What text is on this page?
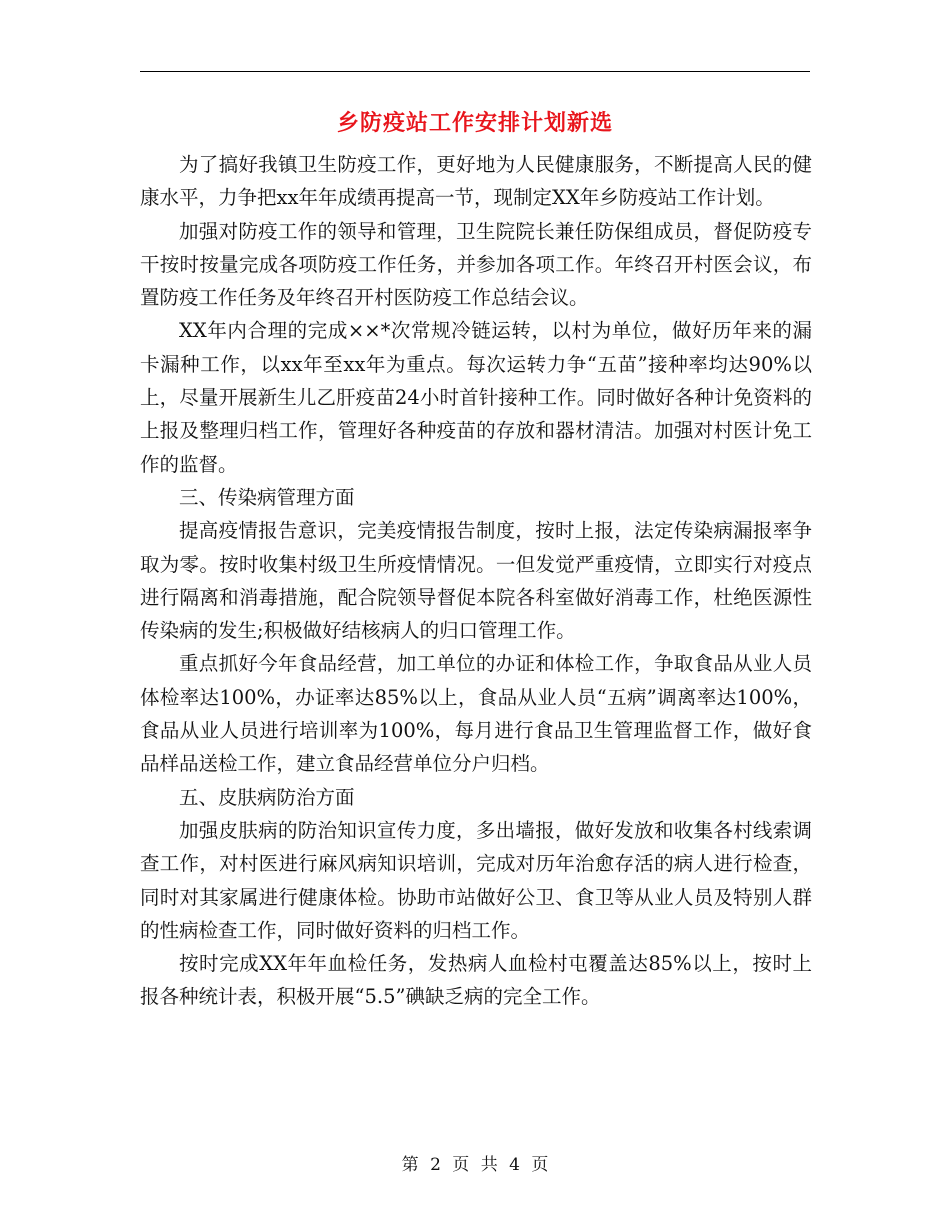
乡防疫站工作安排计划新选

为了搞好我镇卫生防疫工作，更好地为人民健康服务，不断提高人民的健康水平，力争把xx年年成绩再提高一节，现制定XX年乡防疫站工作计划。

加强对防疫工作的领导和管理，卫生院院长兼任防保组成员，督促防疫专干按时按量完成各项防疫工作任务，并参加各项工作。年终召开村医会议，布置防疫工作任务及年终召开村医防疫工作总结会议。

XX年内合理的完成××*次常规冷链运转，以村为单位，做好历年来的漏卡漏种工作，以xx年至xx年为重点。每次运转力争“五苗”接种率均达90%以上，尽量开展新生儿乙肝疫苗24小时首针接种工作。同时做好各种计免资料的上报及整理归档工作，管理好各种疫苗的存放和器材清洁。加强对村医计免工作的监督。

三、传染病管理方面

提高疫情报告意识，完美疫情报告制度，按时上报，法定传染病漏报率争取为零。按时收集村级卫生所疫情情况。一但发觉严重疫情，立即实行对疫点进行隔离和消毒措施，配合院领导督促本院各科室做好消毒工作，杜绝医源性传染病的发生;积极做好结核病人的归口管理工作。

重点抓好今年食品经营，加工单位的办证和体检工作，争取食品从业人员体检率达100%，办证率达85%以上，食品从业人员“五病”调离率达100%，食品从业人员进行培训率为100%，每月进行食品卫生管理监督工作，做好食品样品送检工作，建立食品经营单位分户归档。

五、皮肤病防治方面

加强皮肤病的防治知识宣传力度，多出墙报，做好发放和收集各村线索调查工作，对村医进行麻风病知识培训，完成对历年治愈存活的病人进行检查，同时对其家属进行健康体检。协助市站做好公卫、食卫等从业人员及特别人群的性病检查工作，同时做好资料的归档工作。

按时完成XX年年血检任务，发热病人血检村屯覆盖达85%以上，按时上报各种统计表，积极开展“5.5”碘缺乏病的完全工作。

第 2 页 共 4 页
